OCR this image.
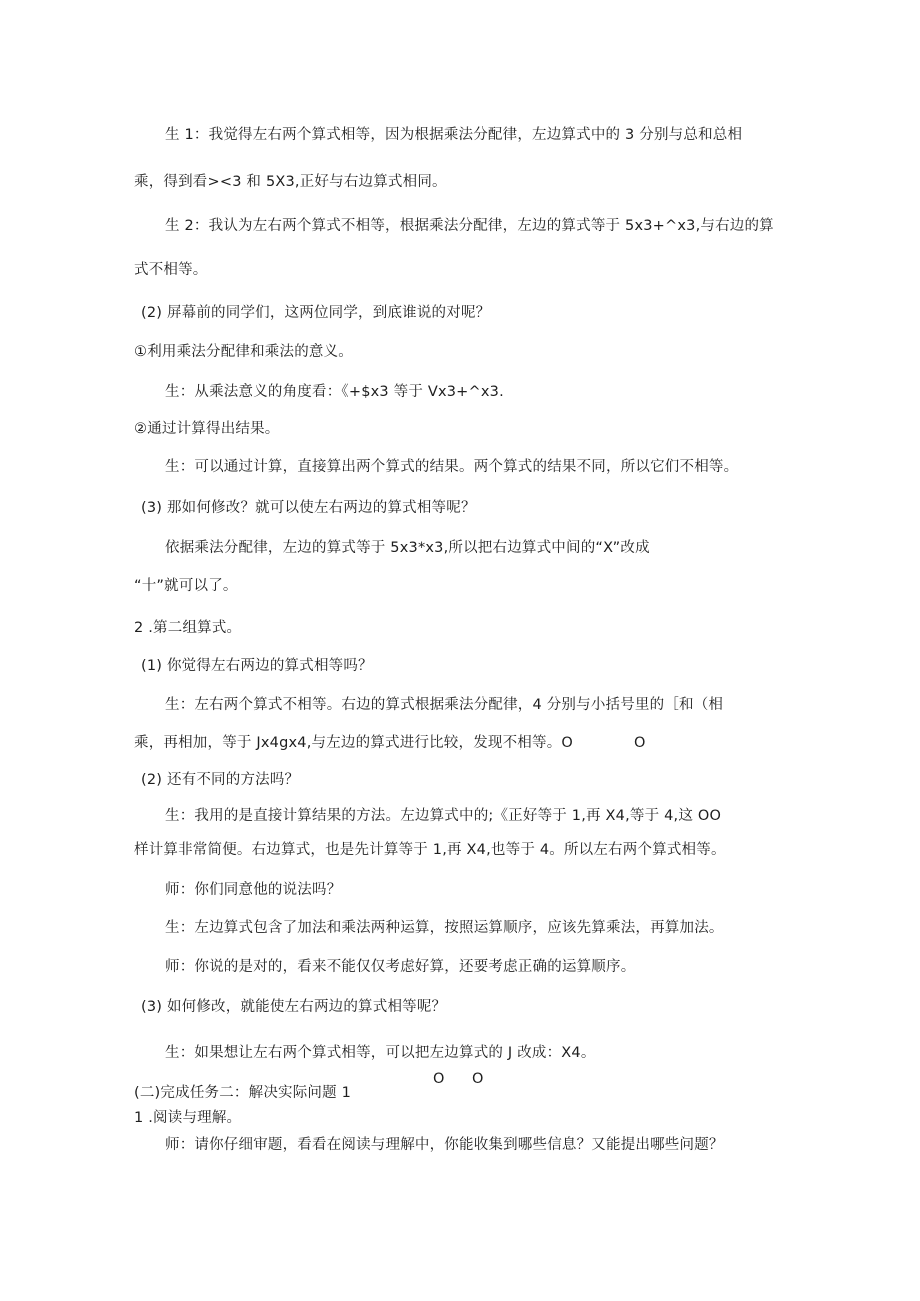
生 1：我觉得左右两个算式相等，因为根据乘法分配律，左边算式中的 3 分别与总和总相
乘，得到看><3 和 5X3,正好与右边算式相同。
生 2：我认为左右两个算式不相等，根据乘法分配律，左边的算式等于 5x3+^x3,与右边的算
式不相等。
(2) 屏幕前的同学们，这两位同学，到底谁说的对呢？
①利用乘法分配律和乘法的意义。
生：从乘法意义的角度看：《+$x3 等于 Vx3+^x3.
②通过计算得出结果。
生：可以通过计算，直接算出两个算式的结果。两个算式的结果不同，所以它们不相等。
(3) 那如何修改？就可以使左右两边的算式相等呢？
依据乘法分配律，左边的算式等于 5x3*x3,所以把右边算式中间的“X”改成
“十”就可以了。
2 .第二组算式。
(1) 你觉得左右两边的算式相等吗？
生：左右两个算式不相等。右边的算式根据乘法分配律，4 分别与小括号里的［和（相
乘，再相加，等于 Jx4gx4,与左边的算式进行比较，发现不相等。O	O
(2) 还有不同的方法吗？
生：我用的是直接计算结果的方法。左边算式中的;《正好等于 1,再 X4,等于 4,这 OO
样计算非常简便。右边算式，也是先计算等于 1,再 X4,也等于 4。所以左右两个算式相等。
师：你们同意他的说法吗？
生：左边算式包含了加法和乘法两种运算，按照运算顺序，应该先算乘法，再算加法。
师：你说的是对的，看来不能仅仅考虑好算，还要考虑正确的运算顺序。
(3) 如何修改，就能使左右两边的算式相等呢？
生：如果想让左右两个算式相等，可以把左边算式的 J 改成：X4。
O O
(二)完成任务二：解决实际问题 1
1 .阅读与理解。
师：请你仔细审题，看看在阅读与理解中，你能收集到哪些信息？又能提出哪些问题？
